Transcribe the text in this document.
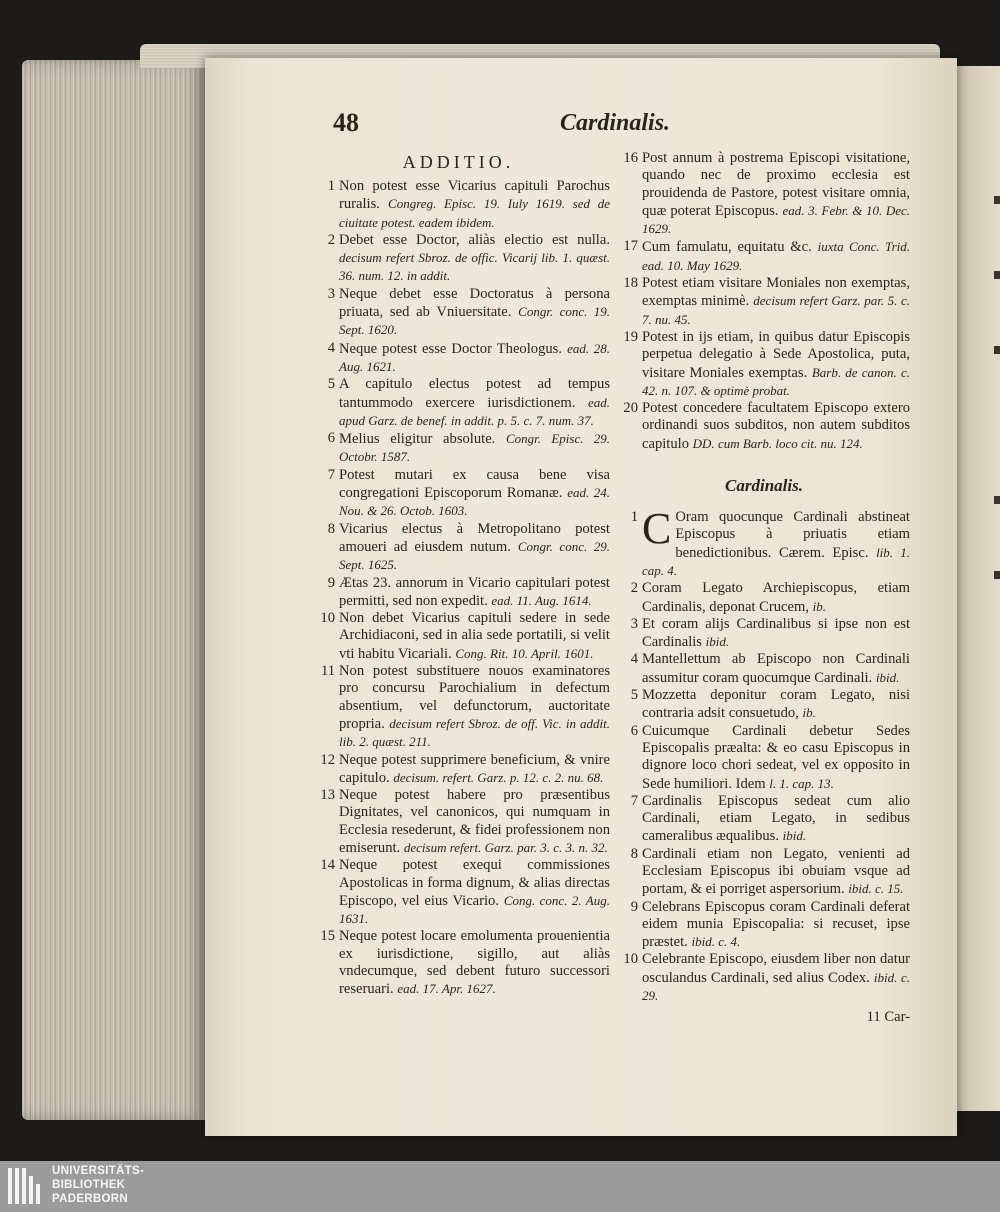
48	Cardinalis.
ADDITIO.
1 Non potest esse Vicarius capituli Parochus ruralis. Congreg. Episc. 19. Iuly 1619. sed de ciuitate potest. eadem ibidem.
2 Debet esse Doctor, aliàs electio est nulla. decisum refert Sbroz. de offic. Vicarij lib. 1. quæst. 36. num. 12. in addit.
3 Neque debet esse Doctoratus à persona priuata, sed ab Vniuersitate. Congr. conc. 19. Sept. 1620.
4 Neque potest esse Doctor Theologus. ead. 28. Aug. 1621.
5 A capitulo electus potest ad tempus tantummodo exercere iurisdictionem. ead. apud Garz. de benef. in addit. p. 5. c. 7. num. 37.
6 Melius eligitur absolute. Congr. Episc. 29. Octobr. 1587.
7 Potest mutari ex causa bene visa congregationi Episcoporum Romanæ. ead. 24. Nou. & 26. Octob. 1603.
8 Vicarius electus à Metropolitano potest amoueri ad eiusdem nutum. Congr. conc. 29. Sept. 1625.
9 Ætas 23. annorum in Vicario capitulari potest permitti, sed non expedit. ead. 11. Aug. 1614.
10 Non debet Vicarius capituli sedere in sede Archidiaconi, sed in alia sede portatili, si velit vti habitu Vicariali. Cong. Rit. 10. April. 1601.
11 Non potest substituere nouos examinatores pro concursu Parochialium in defectum absentium, vel defunctorum, auctoritate propria. decisum refert Sbroz. de off. Vic. in addit. lib. 2. quæst. 211.
12 Neque potest supprimere beneficium, & vnire capitulo. decisum. refert. Garz. p. 12. c. 2. nu. 68.
13 Neque potest habere pro præsentibus Dignitates, vel canonicos, qui numquam in Ecclesia resederunt, & fidei professionem non emiserunt. decisum refert. Garz. par. 3. c. 3. n. 32.
14 Neque potest exequi commissiones Apostolicas in forma dignum, & alias directas Episcopo, vel eius Vicario. Cong. conc. 2. Aug. 1631.
15 Neque potest locare emolumenta prouenientia ex iurisdictione, sigillo, aut aliàs vndecumque, sed debent futuro successori reseruari. ead. 17. Apr. 1627.
16 Post annum à postrema Episcopi visitatione, quando nec de proximo ecclesia est prouidenda de Pastore, potest visitare omnia, quæ poterat Episcopus. ead. 3. Febr. & 10. Dec. 1629.
17 Cum famulatu, equitatu &c. iuxta Conc. Trid. ead. 10. May 1629.
18 Potest etiam visitare Moniales non exemptas, exemptas minimè. decisum refert Garz. par. 5. c. 7. nu. 45.
19 Potest in ijs etiam, in quibus datur Episcopis perpetua delegatio à Sede Apostolica, puta, visitare Moniales exemptas. Barb. de canon. c. 42. n. 107. & optimè probat.
20 Potest concedere facultatem Episcopo extero ordinandi suos subditos, non autem subditos capitulo DD. cum Barb. loco cit. nu. 124.
Cardinalis.
1 C Oram quocunque Cardinali abstineat Episcopus à priuatis etiam benedictionibus. Cærem. Episc. lib. 1. cap. 4.
2 Coram Legato Archiepiscopus, etiam Cardinalis, deponat Crucem, ib.
3 Et coram alijs Cardinalibus si ipse non est Cardinalis ibid.
4 Mantellettum ab Episcopo non Cardinali assumitur coram quocumque Cardinali. ibid.
5 Mozzetta deponitur coram Legato, nisi contraria adsit consuetudo, ib.
6 Cuicumque Cardinali debetur Sedes Episcopalis præalta: & eo casu Episcopus in dignore loco chori sedeat, vel ex opposito in Sede humiliori. Idem l. 1. cap. 13.
7 Cardinalis Episcopus sedeat cum alio Cardinali, etiam Legato, in sedibus cameralibus æqualibus. ibid.
8 Cardinali etiam non Legato, venienti ad Ecclesiam Episcopus ibi obuiam vsque ad portam, & ei porriget aspersorium. ibid. c. 15.
9 Celebrans Episcopus coram Cardinali deferat eidem munia Episcopalia: si recuset, ipse præstet. ibid. c. 4.
10 Celebrante Episcopo, eiusdem liber non datur osculandus Cardinali, sed alius Codex. ibid. c. 29.
11 Car-
UNIVERSITÄTS-
BIBLIOTHEK
PADERBORN
